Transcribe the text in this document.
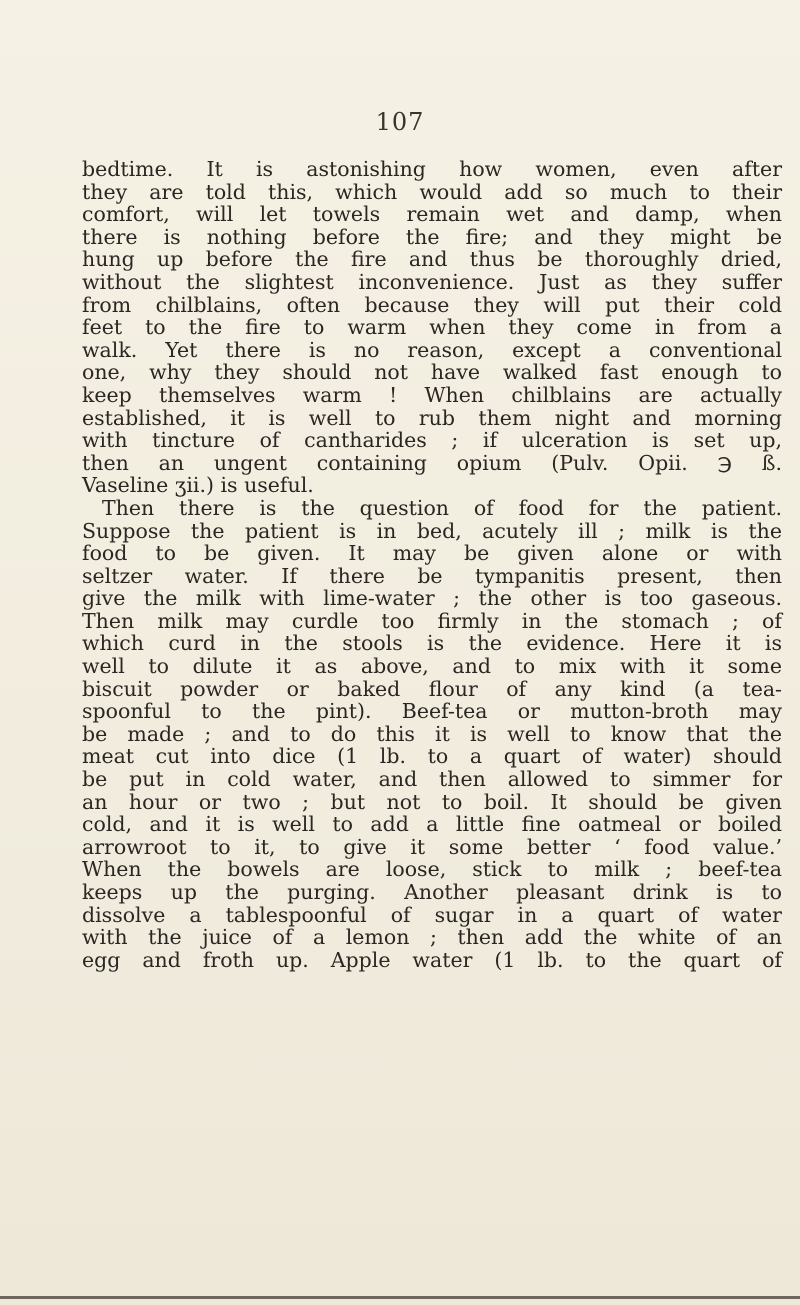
107
bedtime. It is astonishing how women, even after
they are told this, which would add so much to their
comfort, will let towels remain wet and damp, when
there is nothing before the fire; and they might be
hung up before the fire and thus be thoroughly dried,
without the slightest inconvenience. Just as they suffer
from chilblains, often because they will put their cold
feet to the fire to warm when they come in from a
walk. Yet there is no reason, except a conventional
one, why they should not have walked fast enough to
keep themselves warm ! When chilblains are actually
established, it is well to rub them night and morning
with tincture of cantharides ; if ulceration is set up,
then an ungent containing opium (Pulv. Opii. ℈ ß.
Vaseline ʒii.) is useful.
Then there is the question of food for the patient.
Suppose the patient is in bed, acutely ill ; milk is the
food to be given. It may be given alone or with
seltzer water. If there be tympanitis present, then
give the milk with lime-water ; the other is too gaseous.
Then milk may curdle too firmly in the stomach ; of
which curd in the stools is the evidence. Here it is
well to dilute it as above, and to mix with it some
biscuit powder or baked flour of any kind (a tea-
spoonful to the pint). Beef-tea or mutton-broth may
be made ; and to do this it is well to know that the
meat cut into dice (1 lb. to a quart of water) should
be put in cold water, and then allowed to simmer for
an hour or two ; but not to boil. It should be given
cold, and it is well to add a little fine oatmeal or boiled
arrowroot to it, to give it some better ‘ food value.’
When the bowels are loose, stick to milk ; beef-tea
keeps up the purging. Another pleasant drink is to
dissolve a tablespoonful of sugar in a quart of water
with the juice of a lemon ; then add the white of an
egg and froth up. Apple water (1 lb. to the quart of
